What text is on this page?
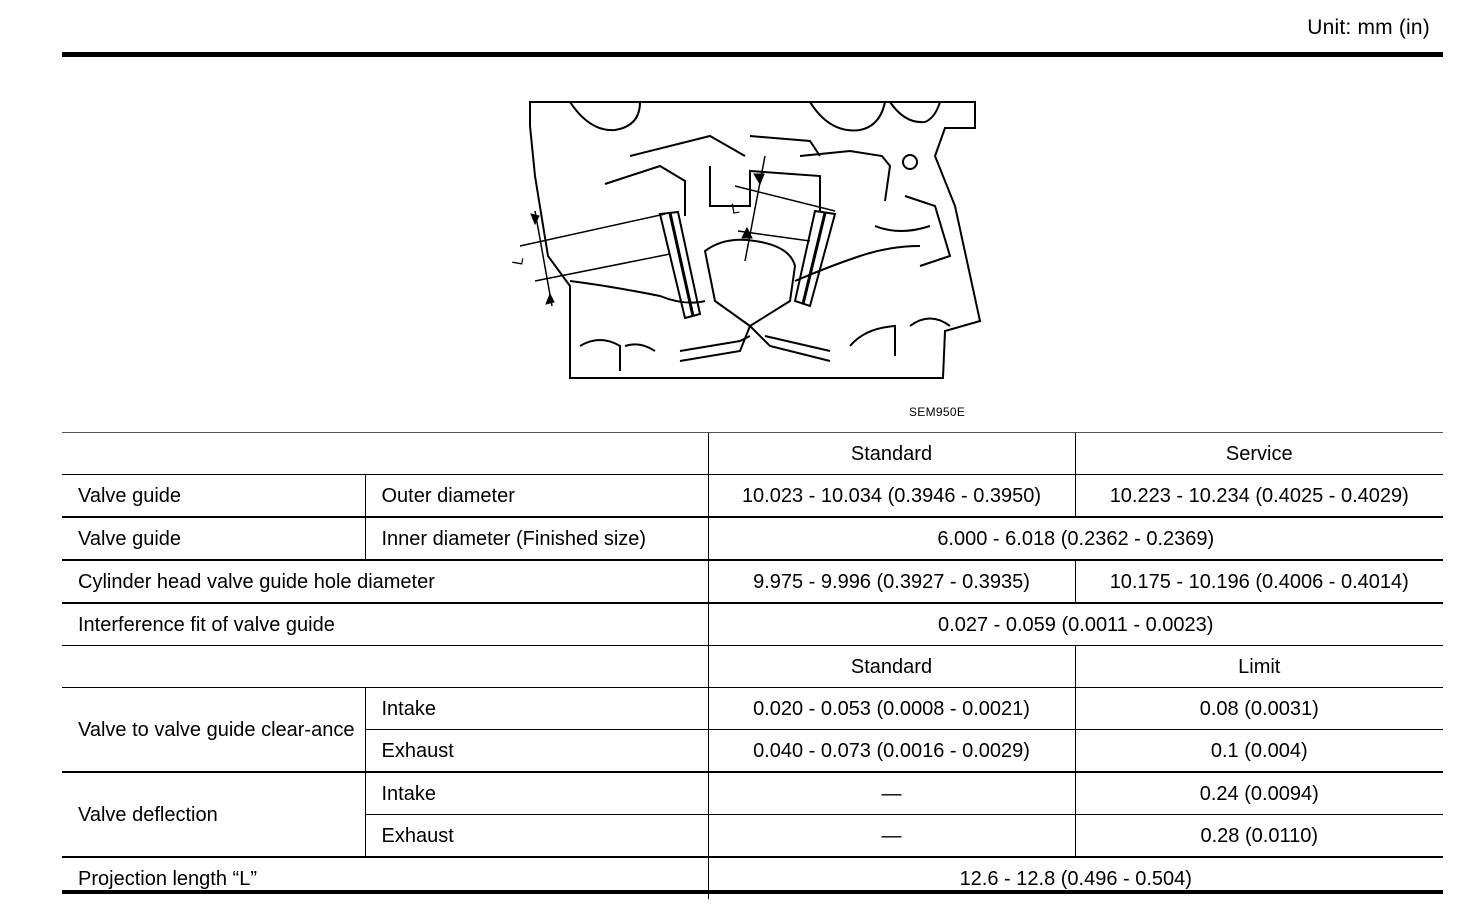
Unit: mm (in)
L
L
SEM950E
		Standard	Service
Valve guide	Outer diameter	10.023 - 10.034 (0.3946 - 0.3950)	10.223 - 10.234 (0.4025 - 0.4029)
Valve guide	Inner diameter (Finished size)	6.000 - 6.018 (0.2362 - 0.2369)	
Cylinder head valve guide hole diameter		9.975 - 9.996 (0.3927 - 0.3935)	10.175 - 10.196 (0.4006 - 0.4014)
Interference fit of valve guide		0.027 - 0.059 (0.0011 - 0.0023)	
		Standard	Limit
Valve to valve guide clear-ance	Intake	0.020 - 0.053 (0.0008 - 0.0021)	0.08 (0.0031)
	Exhaust	0.040 - 0.073 (0.0016 - 0.0029)	0.1 (0.004)
Valve deflection	Intake	—	0.24 (0.0094)
	Exhaust	—	0.28 (0.0110)
Projection length “L”		12.6 - 12.8 (0.496 - 0.504)	
